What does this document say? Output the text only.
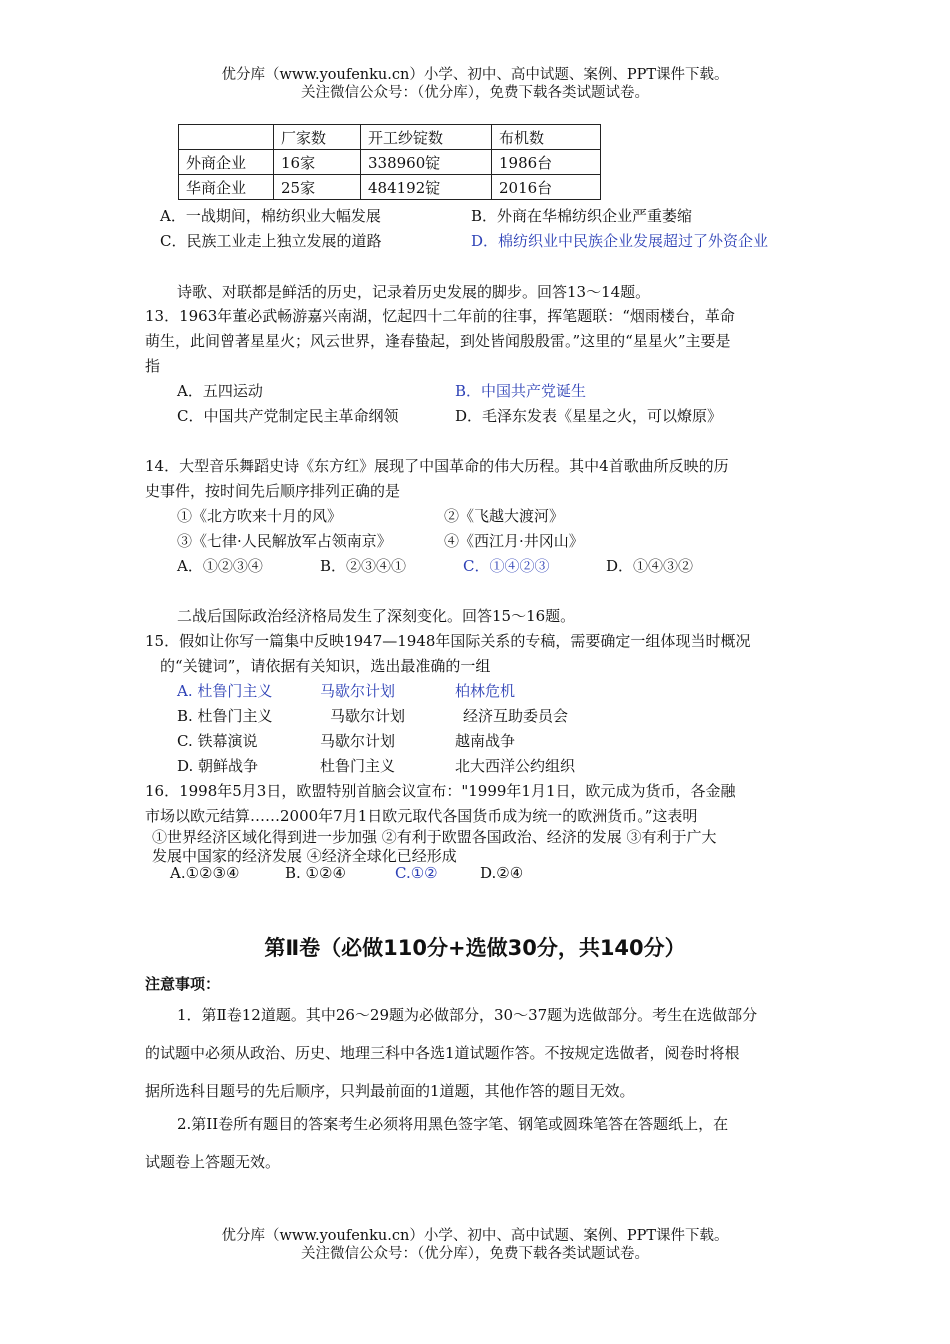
优分库（www.youfenku.cn）小学、初中、高中试题、案例、PPT课件下载。
关注微信公众号：（优分库），免费下载各类试题试卷。
	厂家数	开工纱锭数	布机数
外商企业	16家	338960锭	1986台
华商企业	25家	484192锭	2016台
A．一战期间，棉纺织业大幅发展	B．外商在华棉纺织企业严重萎缩
C．民族工业走上独立发展的道路	D．棉纺织业中民族企业发展超过了外资企业
诗歌、对联都是鲜活的历史，记录着历史发展的脚步。回答13～14题。
13．1963年董必武畅游嘉兴南湖，忆起四十二年前的往事，挥笔题联：“烟雨楼台，革命
萌生，此间曾著星星火；风云世界，逢春蛰起，到处皆闻殷殷雷。”这里的“星星火”主要是
指
A．五四运动	B．中国共产党诞生
C．中国共产党制定民主革命纲领	D．毛泽东发表《星星之火，可以燎原》
14．大型音乐舞蹈史诗《东方红》展现了中国革命的伟大历程。其中4首歌曲所反映的历
史事件，按时间先后顺序排列正确的是
①《北方吹来十月的风》	②《飞越大渡河》
③《七律·人民解放军占领南京》	④《西江月·井冈山》
A．①②③④	B．②③④①	C．①④②③	D．①④③②
二战后国际政治经济格局发生了深刻变化。回答15～16题。
15．假如让你写一篇集中反映1947—1948年国际关系的专稿，需要确定一组体现当时概况
的“关键词”，请依据有关知识，选出最准确的一组
A. 杜鲁门主义	马歇尔计划	柏林危机
B. 杜鲁门主义	马歇尔计划	经济互助委员会
C. 铁幕演说	马歇尔计划	越南战争
D. 朝鲜战争	杜鲁门主义	北大西洋公约组织
16．1998年5月3日，欧盟特别首脑会议宣布："1999年1月1日，欧元成为货币，各金融
市场以欧元结算……2000年7月1日欧元取代各国货币成为统一的欧洲货币。”这表明
①世界经济区域化得到进一步加强 ②有利于欧盟各国政治、经济的发展 ③有利于广大
发展中国家的经济发展 ④经济全球化已经形成
A.①②③④	B. ①②④	C.①②	D.②④
第Ⅱ卷（必做110分+选做30分，共140分）
注意事项：
1．第Ⅱ卷12道题。其中26～29题为必做部分，30～37题为选做部分。考生在选做部分
的试题中必须从政治、历史、地理三科中各选1道试题作答。不按规定选做者，阅卷时将根
据所选科目题号的先后顺序，只判最前面的1道题，其他作答的题目无效。
2.第II卷所有题目的答案考生必须将用黑色签字笔、钢笔或圆珠笔答在答题纸上，在
试题卷上答题无效。
优分库（www.youfenku.cn）小学、初中、高中试题、案例、PPT课件下载。
关注微信公众号：（优分库），免费下载各类试题试卷。
